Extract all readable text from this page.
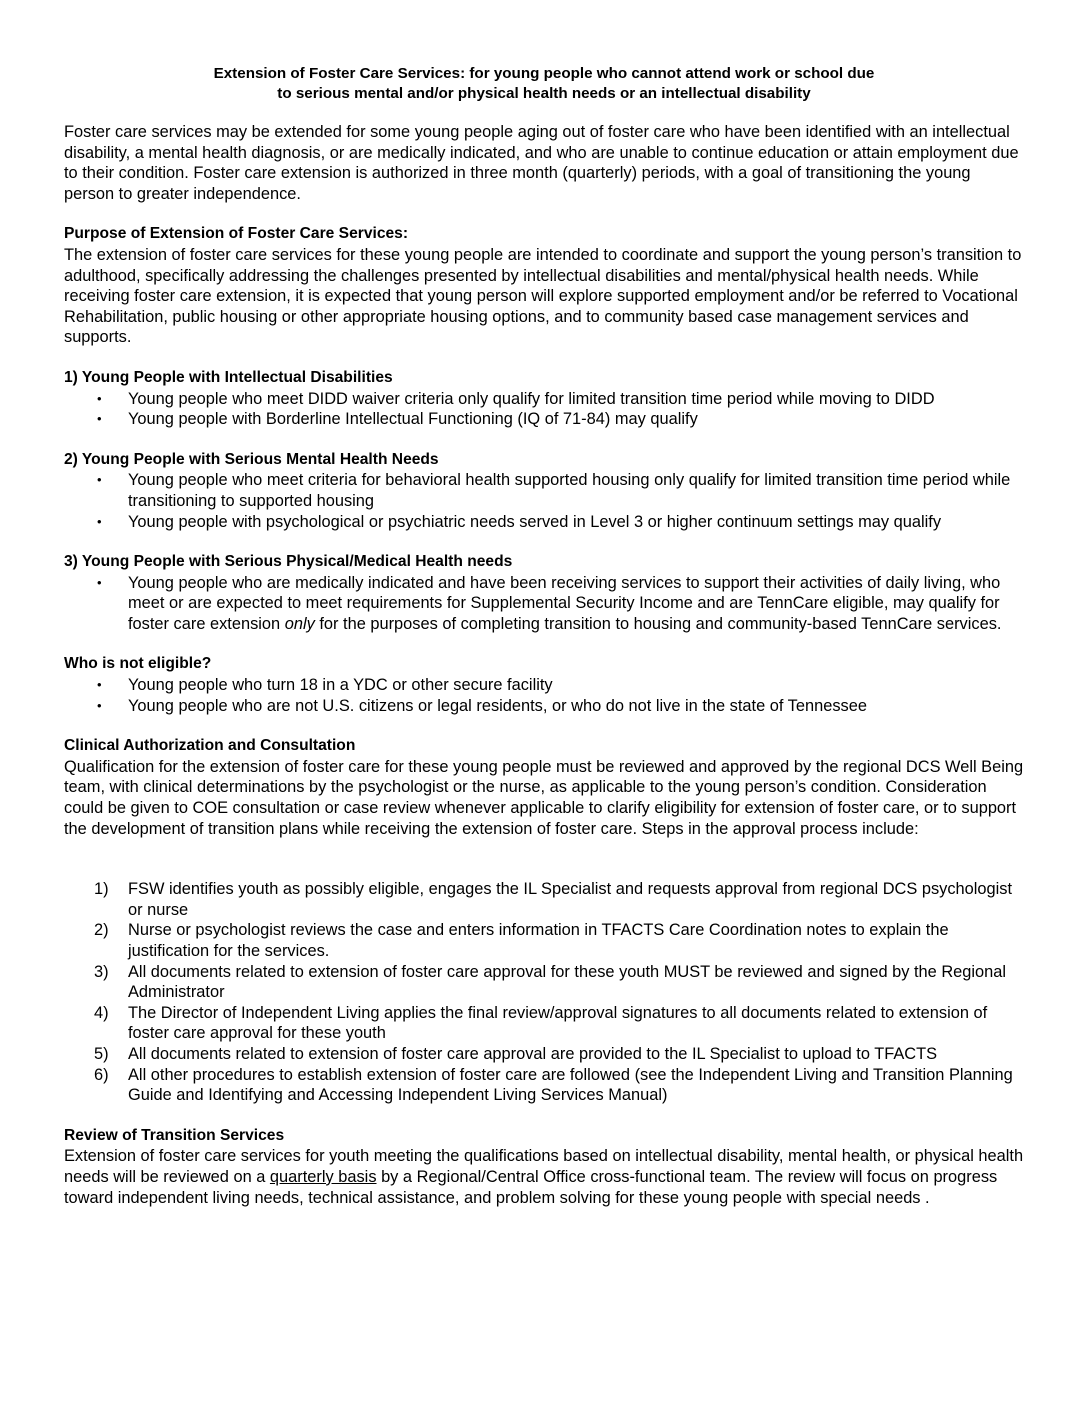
Extension of Foster Care Services: for young people who cannot attend work or school due

to serious mental and/or physical health needs or an intellectual disability

Foster care services may be extended for some young people aging out of foster care who have been identified with an intellectual disability, a mental health diagnosis, or are medically indicated, and who are unable to continue education or attain employment due to their condition. Foster care extension is authorized in three month (quarterly) periods, with a goal of transitioning the young person to greater independence.

Purpose of Extension of Foster Care Services:

The extension of foster care services for these young people are intended to coordinate and support the young person’s transition to adulthood, specifically addressing the challenges presented by intellectual disabilities and mental/physical health needs. While receiving foster care extension, it is expected that young person will explore supported employment and/or be referred to Vocational Rehabilitation, public housing or other appropriate housing options, and to community based case management services and supports.

1) Young People with Intellectual Disabilities

• Young people who meet DIDD waiver criteria only qualify for limited transition time period while moving to DIDD
• Young people with Borderline Intellectual Functioning (IQ of 71-84) may qualify

2) Young People with Serious Mental Health Needs

• Young people who meet criteria for behavioral health supported housing only qualify for limited transition time period while transitioning to supported housing
• Young people with psychological or psychiatric needs served in Level 3 or higher continuum settings may qualify

3) Young People with Serious Physical/Medical Health needs

• Young people who are medically indicated and have been receiving services to support their activities of daily living, who meet or are expected to meet requirements for Supplemental Security Income and are TennCare eligible, may qualify for foster care extension only for the purposes of completing transition to housing and community-based TennCare services.

Who is not eligible?

• Young people who turn 18 in a YDC or other secure facility
• Young people who are not U.S. citizens or legal residents, or who do not live in the state of Tennessee

Clinical Authorization and Consultation

Qualification for the extension of foster care for these young people must be reviewed and approved by the regional DCS Well Being team, with clinical determinations by the psychologist or the nurse, as applicable to the young person’s condition. Consideration could be given to COE consultation or case review whenever applicable to clarify eligibility for extension of foster care, or to support the development of transition plans while receiving the extension of foster care. Steps in the approval process include:

1) FSW identifies youth as possibly eligible, engages the IL Specialist and requests approval from regional DCS psychologist or nurse
2) Nurse or psychologist reviews the case and enters information in TFACTS Care Coordination notes to explain the justification for the services.
3) All documents related to extension of foster care approval for these youth MUST be reviewed and signed by the Regional Administrator
4) The Director of Independent Living applies the final review/approval signatures to all documents related to extension of foster care approval for these youth
5) All documents related to extension of foster care approval are provided to the IL Specialist to upload to TFACTS
6) All other procedures to establish extension of foster care are followed (see the Independent Living and Transition Planning Guide and Identifying and Accessing Independent Living Services Manual)

Review of Transition Services

Extension of foster care services for youth meeting the qualifications based on intellectual disability, mental health, or physical health needs will be reviewed on a quarterly basis by a Regional/Central Office cross-functional team. The review will focus on progress toward independent living needs, technical assistance, and problem solving for these young people with special needs .
